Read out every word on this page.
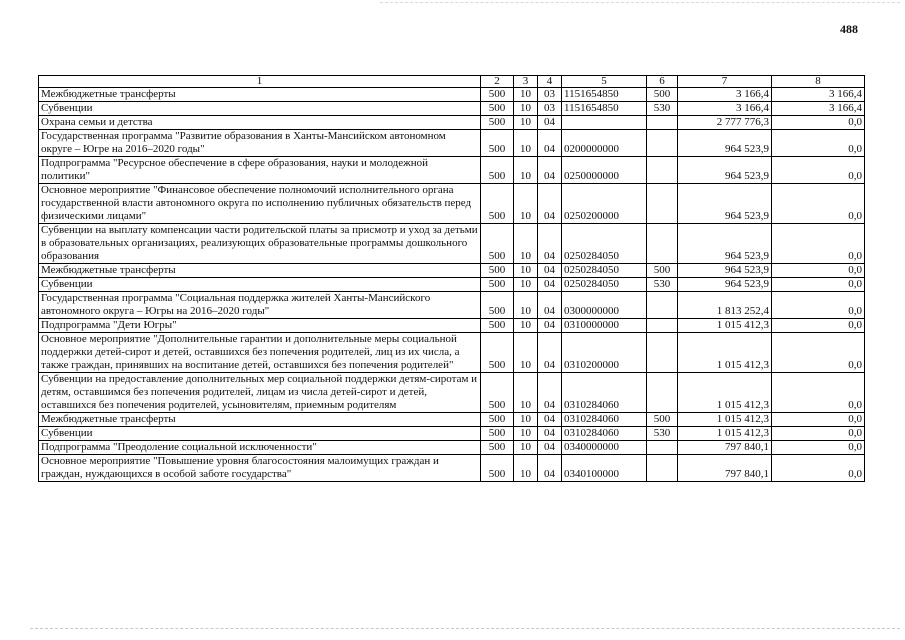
488
1	2	3	4	5	6	7	8
Межбюджетные трансферты	500	10	03	1151654850	500	3 166,4	3 166,4
Субвенции	500	10	03	1151654850	530	3 166,4	3 166,4
Охрана семьи и детства	500	10	04			2 777 776,3	0,0
Государственная программа "Развитие образования в Ханты-Мансийском автономном округе – Югре на 2016–2020 годы"	500	10	04	0200000000		964 523,9	0,0
Подпрограмма "Ресурсное обеспечение в сфере образования, науки и молодежной политики"	500	10	04	0250000000		964 523,9	0,0
Основное мероприятие "Финансовое обеспечение полномочий исполнительного органа государственной власти автономного округа по исполнению публичных обязательств перед физическими лицами"	500	10	04	0250200000		964 523,9	0,0
Субвенции на выплату компенсации части родительской платы за присмотр и уход за детьми в образовательных организациях, реализующих образовательные программы дошкольного образования	500	10	04	0250284050		964 523,9	0,0
Межбюджетные трансферты	500	10	04	0250284050	500	964 523,9	0,0
Субвенции	500	10	04	0250284050	530	964 523,9	0,0
Государственная программа "Социальная поддержка жителей Ханты-Мансийского автономного округа – Югры на 2016–2020 годы"	500	10	04	0300000000		1 813 252,4	0,0
Подпрограмма "Дети Югры"	500	10	04	0310000000		1 015 412,3	0,0
Основное мероприятие "Дополнительные гарантии и дополнительные меры социальной поддержки детей-сирот и детей, оставшихся без попечения родителей, лиц из их числа, а также граждан, принявших на воспитание детей, оставшихся без попечения родителей"	500	10	04	0310200000		1 015 412,3	0,0
Субвенции на предоставление дополнительных мер социальной поддержки детям-сиротам и детям, оставшимся без попечения родителей, лицам из числа детей-сирот и детей, оставшихся без попечения родителей, усыновителям, приемным родителям	500	10	04	0310284060		1 015 412,3	0,0
Межбюджетные трансферты	500	10	04	0310284060	500	1 015 412,3	0,0
Субвенции	500	10	04	0310284060	530	1 015 412,3	0,0
Подпрограмма "Преодоление социальной исключенности"	500	10	04	0340000000		797 840,1	0,0
Основное мероприятие "Повышение уровня благосостояния малоимущих граждан и граждан, нуждающихся в особой заботе государства"	500	10	04	0340100000		797 840,1	0,0
